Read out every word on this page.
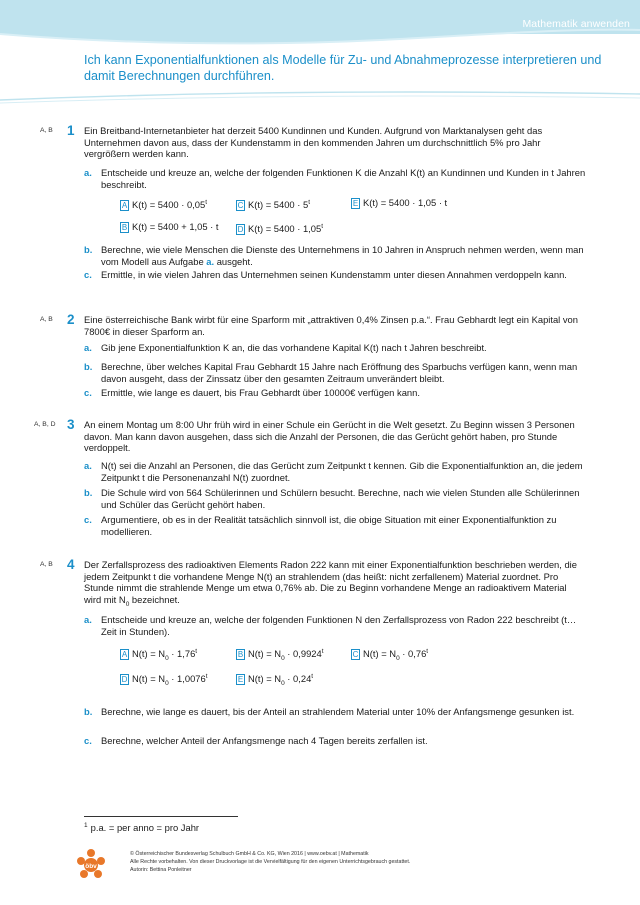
Mathematik anwenden
Ich kann Exponentialfunktionen als Modelle für Zu- und Abnahmeprozesse interpretieren und damit Berechnungen durchführen.
A, B 1 Ein Breitband-Internetanbieter hat derzeit 5400 Kundinnen und Kunden. Aufgrund von Marktanalysen geht das Unternehmen davon aus, dass der Kundenstamm in den kommenden Jahren um durchschnittlich 5% pro Jahr vergrößern werden kann.
a. Entscheide und kreuze an, welche der folgenden Funktionen K die Anzahl K(t) an Kundinnen und Kunden in t Jahren beschreibt.
A $K(t) = 5400 \cdot 0,05^t$	C $K(t) = 5400 \cdot 5^t$	E K(t) = 5400 · 1,05 · t
B K(t) = 5400 + 1,05 · t D $K(t) = 5400 \cdot 1,05^t$
b. Berechne, wie viele Menschen die Dienste des Unternehmens in 10 Jahren in Anspruch nehmen werden, wenn man vom Modell aus Aufgabe a. ausgeht.
c. Ermittle, in wie vielen Jahren das Unternehmen seinen Kundenstamm unter diesen Annahmen verdoppeln kann.
A, B 2 Eine österreichische Bank wirbt für eine Sparform mit „attraktiven 0,4% Zinsen p.a.“. Frau Gebhardt legt ein Kapital von 7800€ in dieser Sparform an.
a. Gib jene Exponentialfunktion K an, die das vorhandene Kapital K(t) nach t Jahren beschreibt.
b. Berechne, über welches Kapital Frau Gebhardt 15 Jahre nach Eröffnung des Sparbuchs verfügen kann, wenn man davon ausgeht, dass der Zinssatz über den gesamten Zeitraum unverändert bleibt.
c. Ermittle, wie lange es dauert, bis Frau Gebhardt über 10000€ verfügen kann.
A, B, D 3 An einem Montag um 8:00 Uhr früh wird in einer Schule ein Gerücht in die Welt gesetzt. Zu Beginn wissen 3 Personen davon. Man kann davon ausgehen, dass sich die Anzahl der Personen, die das Gerücht gehört haben, pro Stunde verdoppelt.
a. N(t) sei die Anzahl an Personen, die das Gerücht zum Zeitpunkt t kennen. Gib die Exponentialfunktion an, die jedem Zeitpunkt t die Personenanzahl N(t) zuordnet.
b. Die Schule wird von 564 Schülerinnen und Schülern besucht. Berechne, nach wie vielen Stunden alle Schülerinnen und Schüler das Gerücht gehört haben.
c. Argumentiere, ob es in der Realität tatsächlich sinnvoll ist, die obige Situation mit einer Exponentialfunktion zu modellieren.
A, B 4 Der Zerfallsprozess des radioaktiven Elements Radon 222 kann mit einer Exponentialfunktion beschrieben werden, die jedem Zeitpunkt t die vorhandene Menge N(t) an strahlendem (das heißt: nicht zerfallenem) Material zuordnet. Pro Stunde nimmt die strahlende Menge um etwa 0,76% ab. Die zu Beginn vorhandene Menge an radioaktivem Material wird mit $N_0$ bezeichnet.
a. Entscheide und kreuze an, welche der folgenden Funktionen N den Zerfallsprozess von Radon 222 beschreibt (t… Zeit in Stunden).
A $N(t) = N_0 \cdot 1,76^t$	B $N(t) = N_0 \cdot 0,9924^t$	C $N(t) = N_0 \cdot 0,76^t$
D $N(t) = N_0 \cdot 1,0076^t$	E $N(t) = N_0 \cdot 0,24^t$
b. Berechne, wie lange es dauert, bis der Anteil an strahlendem Material unter 10% der Anfangsmenge gesunken ist.
c. Berechne, welcher Anteil der Anfangsmenge nach 4 Tagen bereits zerfallen ist.
$^1$ p.a. = per anno = pro Jahr
öbv
© Österreichischer Bundesverlag Schulbuch GmbH & Co. KG, Wien 2016 | www.oebv.at | Mathematik
Alle Rechte vorbehalten. Von dieser Druckvorlage ist die Vervielfältigung für den eigenen Unterrichtsgebrauch gestattet.
Autorin: Bettina Ponleitner
